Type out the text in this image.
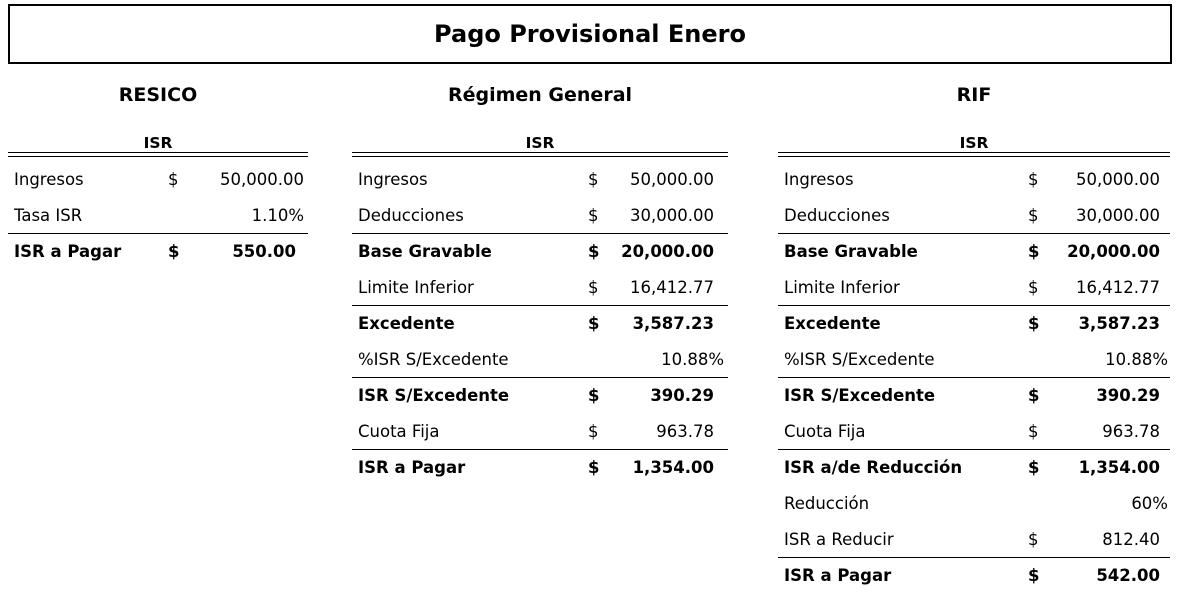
Pago Provisional Enero
RESICO	Régimen General	RIF
ISR	ISR	ISR
Ingresos	$	50,000.00
Tasa ISR	1.10%
ISR a Pagar	$	550.00
Ingresos	$ 50,000.00
Deducciones	$ 30,000.00
Base Gravable	$ 20,000.00
Limite Inferior	$ 16,412.77
Excedente	$ 3,587.23
%ISR S/Excedente	10.88%
ISR S/Excedente	$	390.29
Cuota Fija	$	963.78
ISR a Pagar	$ 1,354.00
Ingresos	$ 50,000.00
Deducciones	$ 30,000.00
Base Gravable	$ 20,000.00
Limite Inferior	$ 16,412.77
Excedente	$ 3,587.23
%ISR S/Excedente	10.88%
ISR S/Excedente	$	390.29
Cuota Fija	$	963.78
ISR a/de Reducción	$ 1,354.00
Reducción	60%
ISR a Reducir	$	812.40
ISR a Pagar	$	542.00
